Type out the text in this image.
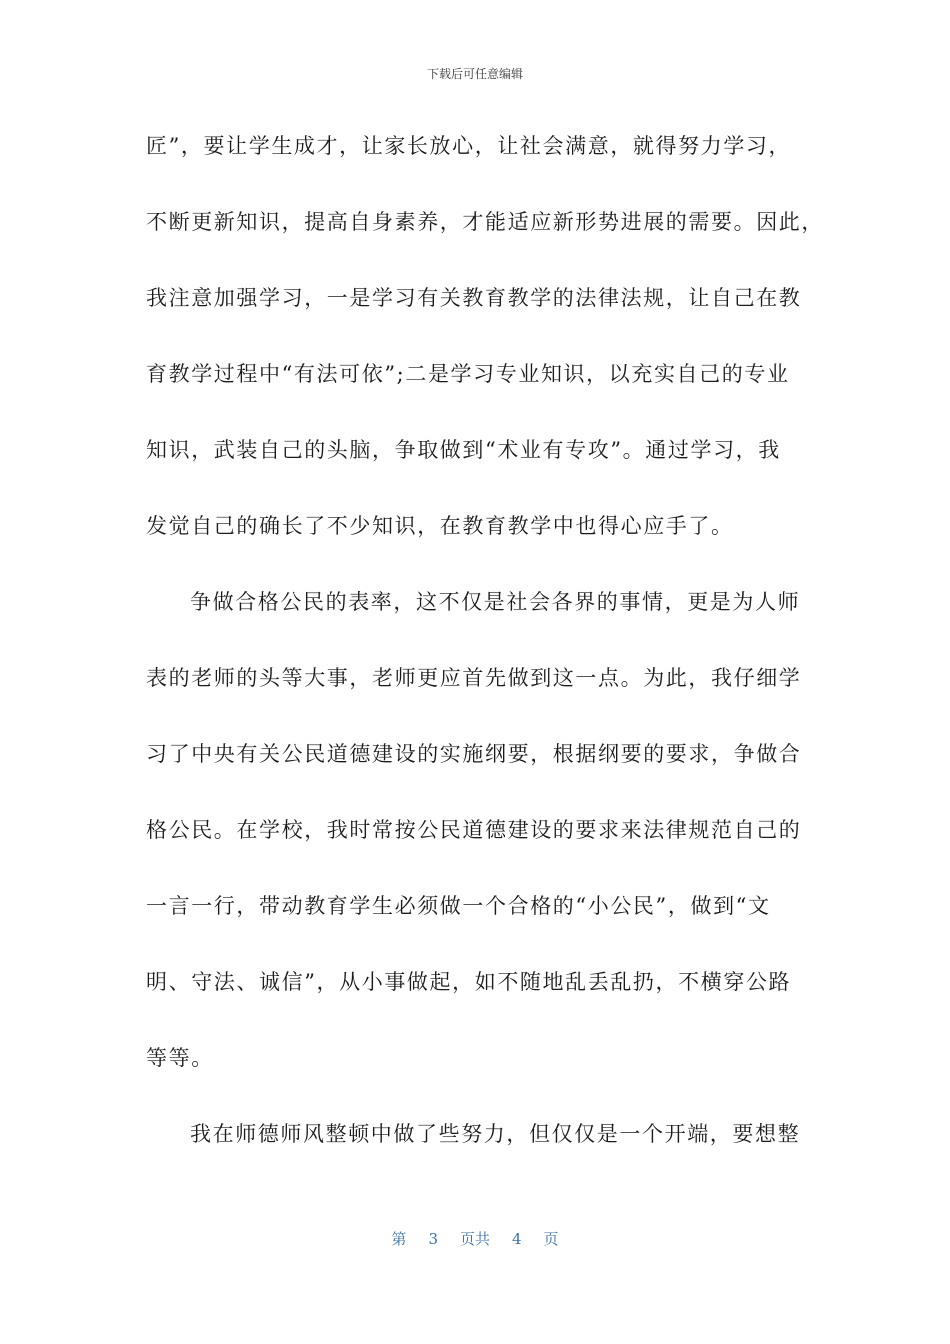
下载后可任意编辑
匠”，要让学生成才，让家长放心，让社会满意，就得努力学习，
不断更新知识，提高自身素养，才能适应新形势进展的需要。因此，
我注意加强学习，一是学习有关教育教学的法律法规，让自己在教
育教学过程中“有法可依”;二是学习专业知识，以充实自己的专业
知识，武装自己的头脑，争取做到“术业有专攻”。通过学习，我
发觉自己的确长了不少知识，在教育教学中也得心应手了。
争做合格公民的表率，这不仅是社会各界的事情，更是为人师
表的老师的头等大事，老师更应首先做到这一点。为此，我仔细学
习了中央有关公民道德建设的实施纲要，根据纲要的要求，争做合
格公民。在学校，我时常按公民道德建设的要求来法律规范自己的
一言一行，带动教育学生必须做一个合格的“小公民”，做到“文
明、守法、诚信”，从小事做起，如不随地乱丢乱扔，不横穿公路
等等。
我在师德师风整顿中做了些努力，但仅仅是一个开端，要想整
第 3 页共 4 页
